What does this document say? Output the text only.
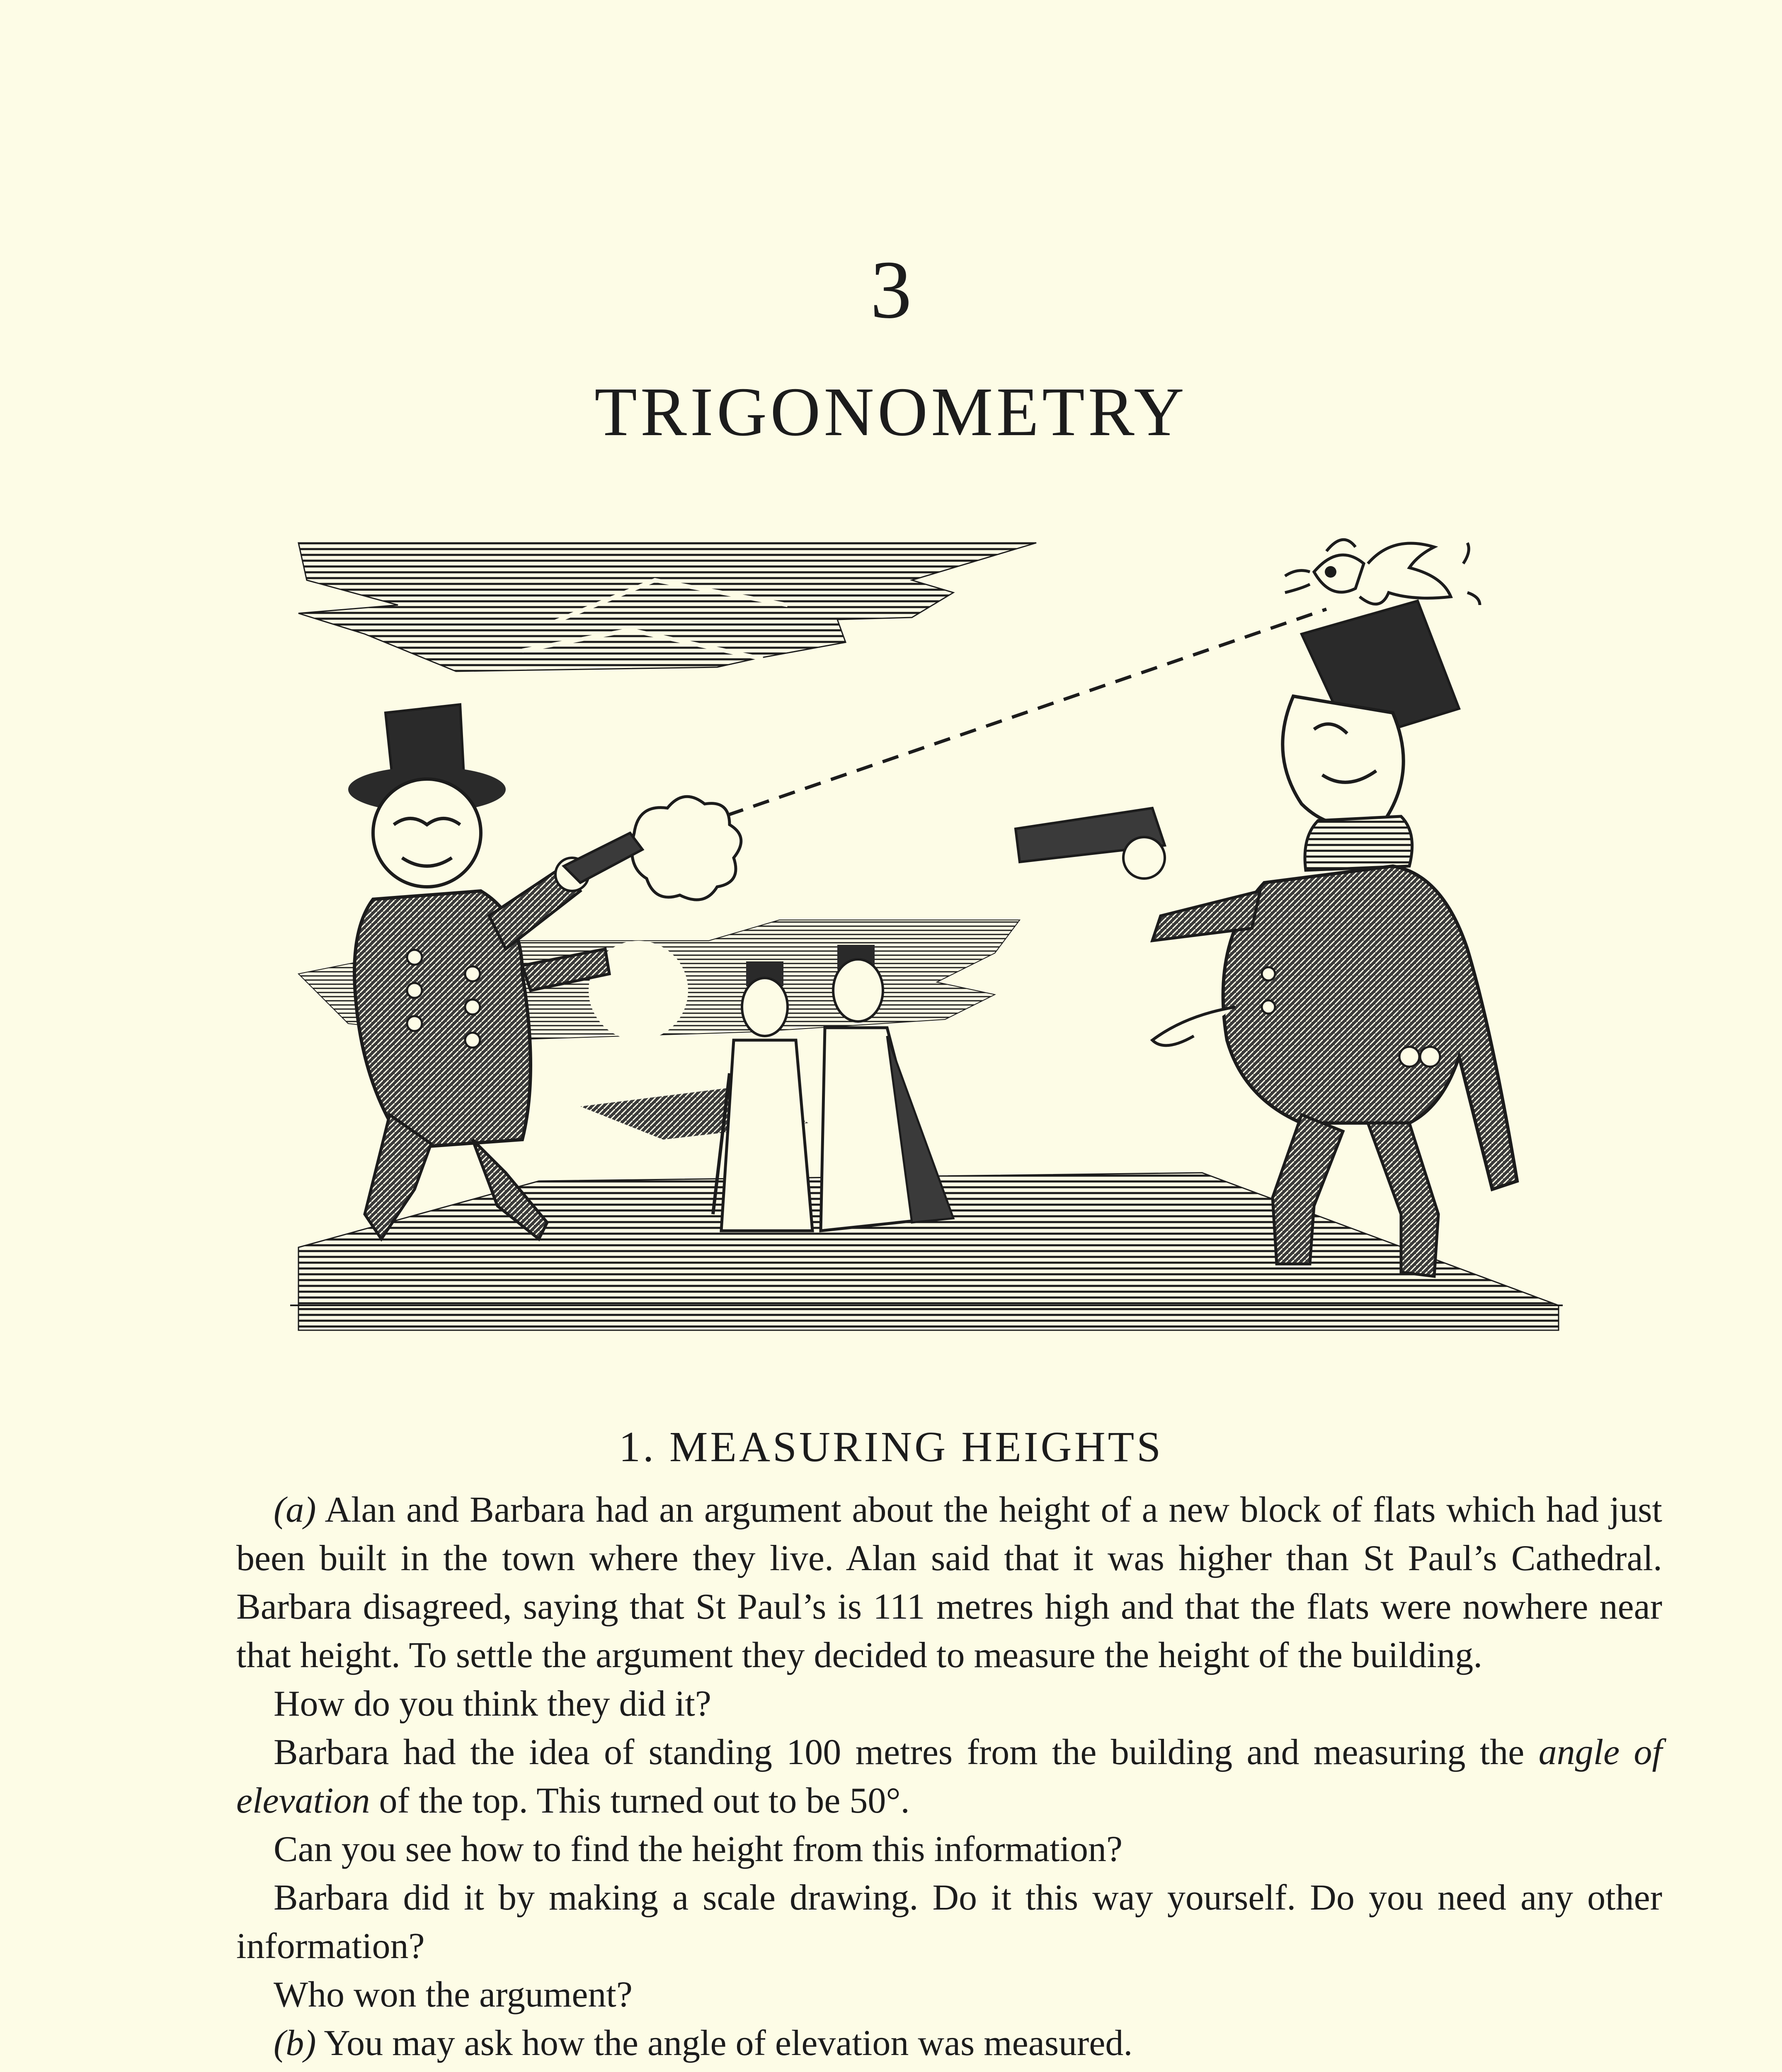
3
TRIGONOMETRY
1. MEASURING HEIGHTS

(a) Alan and Barbara had an argument about the height of a new block of flats which had just been built in the town where they live. Alan said that it was higher than St Paul’s Cathedral. Barbara disagreed, saying that St Paul’s is 111 metres high and that the flats were nowhere near that height. To settle the argument they decided to measure the height of the building.

How do you think they did it?

Barbara had the idea of standing 100 metres from the building and measuring the angle of elevation of the top. This turned out to be 50°.

Can you see how to find the height from this information?

Barbara did it by making a scale drawing. Do it this way yourself. Do you need any other information?

Who won the argument?

(b) You may ask how the angle of elevation was measured.
